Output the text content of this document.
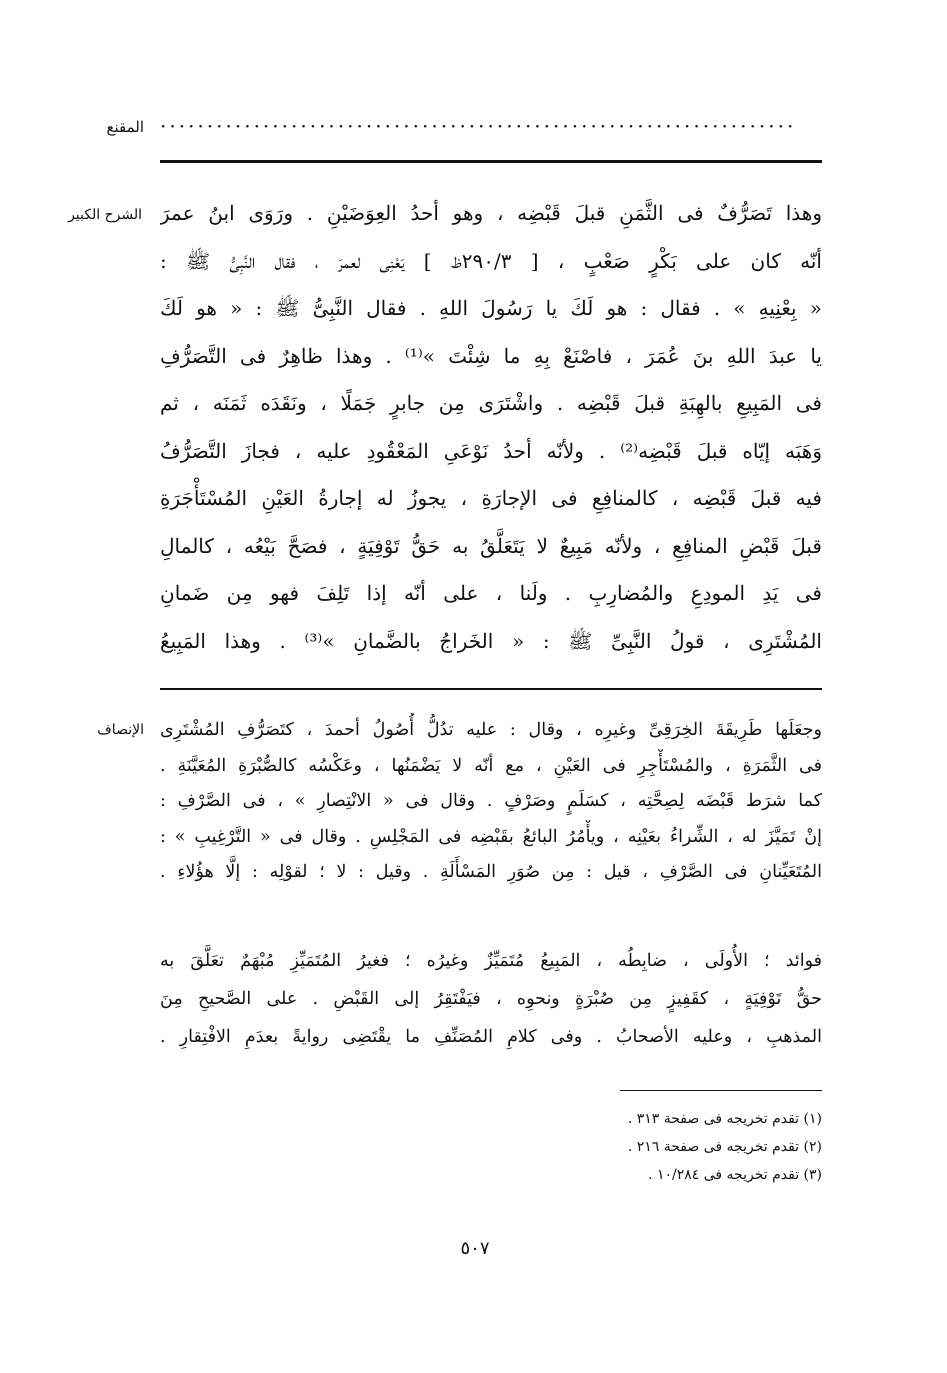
المقنع ····································································
الشرح الكبير
الإنصاف
وهذا تَصَرُّفٌ فى الثَّمَنِ قبلَ قَبْضِه ، وهو أحدُ العِوَضَيْنِ . ورَوَى ابنُ عمرَ
أنّه كان على بَكْرٍ صَعْبٍ ، [ ٢٩٠/٣ظ ] يَعْنِى لعمرَ ، فقال النَّبِىُّ ﷺ :
« بِعْنِيهِ » . فقال : هو لَكَ يا رَسُولَ اللهِ . فقال النَّبِىُّ ﷺ : « هو لَكَ
يا عبدَ اللهِ بنَ عُمَرَ ، فاصْنَعْ بِهِ ما شِئْتَ »⁽¹⁾ . وهذا ظاهِرٌ فى التَّصَرُّفِ
فى المَبِيعِ بالهِبَةِ قبلَ قَبْضِه . واشْتَرَى مِن جابرٍ جَمَلًا ، ونَقَدَه ثَمَنَه ، ثم
وَهَبَه إيّاه قبلَ قَبْضِه⁽²⁾ . ولأنّه أحدُ نَوْعَىِ المَعْقُودِ عليه ، فجازَ التَّصَرُّفُ
فيه قبلَ قَبْضِه ، كالمنافِعِ فى الإجارَةِ ، يجوزُ له إجارةُ العَيْنِ المُسْتَأْجَرَةِ
قبلَ قَبْضِ المنافِعِ ، ولأنّه مَبِيعٌ لا يَتَعَلَّقُ به حَقُّ تَوْفِيَةٍ ، فصَحَّ بَيْعُه ، كالمالِ
فى يَدِ المودِعِ والمُضارِبِ . ولَنا ، على أنّه إذا تَلِفَ فهو مِن ضَمانِ
المُشْتَرِى ، قولُ النَّبِىِّ ﷺ : « الخَراجُ بالضَّمانِ »⁽³⁾ . وهذا المَبِيعُ
وجعَلَها طَرِيقَةَ الخِرَقِىِّ وغيرِه ، وقال : عليه تدُلُّ أُصُولُ أحمدَ ، كتَصَرُّفِ المُشْتَرِى
فى الثَّمَرَةِ ، والمُسْتَأْجِرِ فى العَيْنِ ، مع أنّه لا يَضْمَنُها ، وعَكْسُه كالصُّبْرَةِ المُعَيَّنَةِ .
كما شرَط قَبْضَه لِصِحَّتِه ، كسَلَمٍ وصَرْفٍ . وقال فى « الانْتِصارِ » ، فى الصَّرْفِ :
إنْ تَمَيَّزَ له ، الشِّراءُ بعَيْنِه ، ويأْمُرُ البائعُ بقَبْضِه فى المَجْلِسِ . وقال فى « التَّرْغِيبِ » :
المُتَعَيِّنانِ فى الصَّرْفِ ، قيل : مِن صُوَرِ المَسْأَلَةِ . وقيل : لا ؛ لقوْلِه : إلَّا هؤُلاءِ .
فوائد ؛ الأُولَى ، ضابِطُه ، المَبِيعُ مُتَمَيِّزٌ وغيرُه ؛ فغيرُ المُتَمَيِّزِ مُبْهَمٌ تعَلَّقَ به
حقُّ تَوْفِيَةٍ ، كقَفِيزٍ مِن صُبْرَةٍ ونحوِه ، فيَفْتَقِرُ إلى القَبْضِ . على الصَّحيحِ مِنَ
المذهبِ ، وعليه الأصحابُ . وفى كلامِ المُصَنِّفِ ما يقْتَضِى روايةً بعدَمِ الافْتِقارِ .
(١) تقدم تخريجه فى صفحة ٣١٣ .
(٢) تقدم تخريجه فى صفحة ٢١٦ .
(٣) تقدم تخريجه فى ١٠/٢٨٤ .
٥٠٧
